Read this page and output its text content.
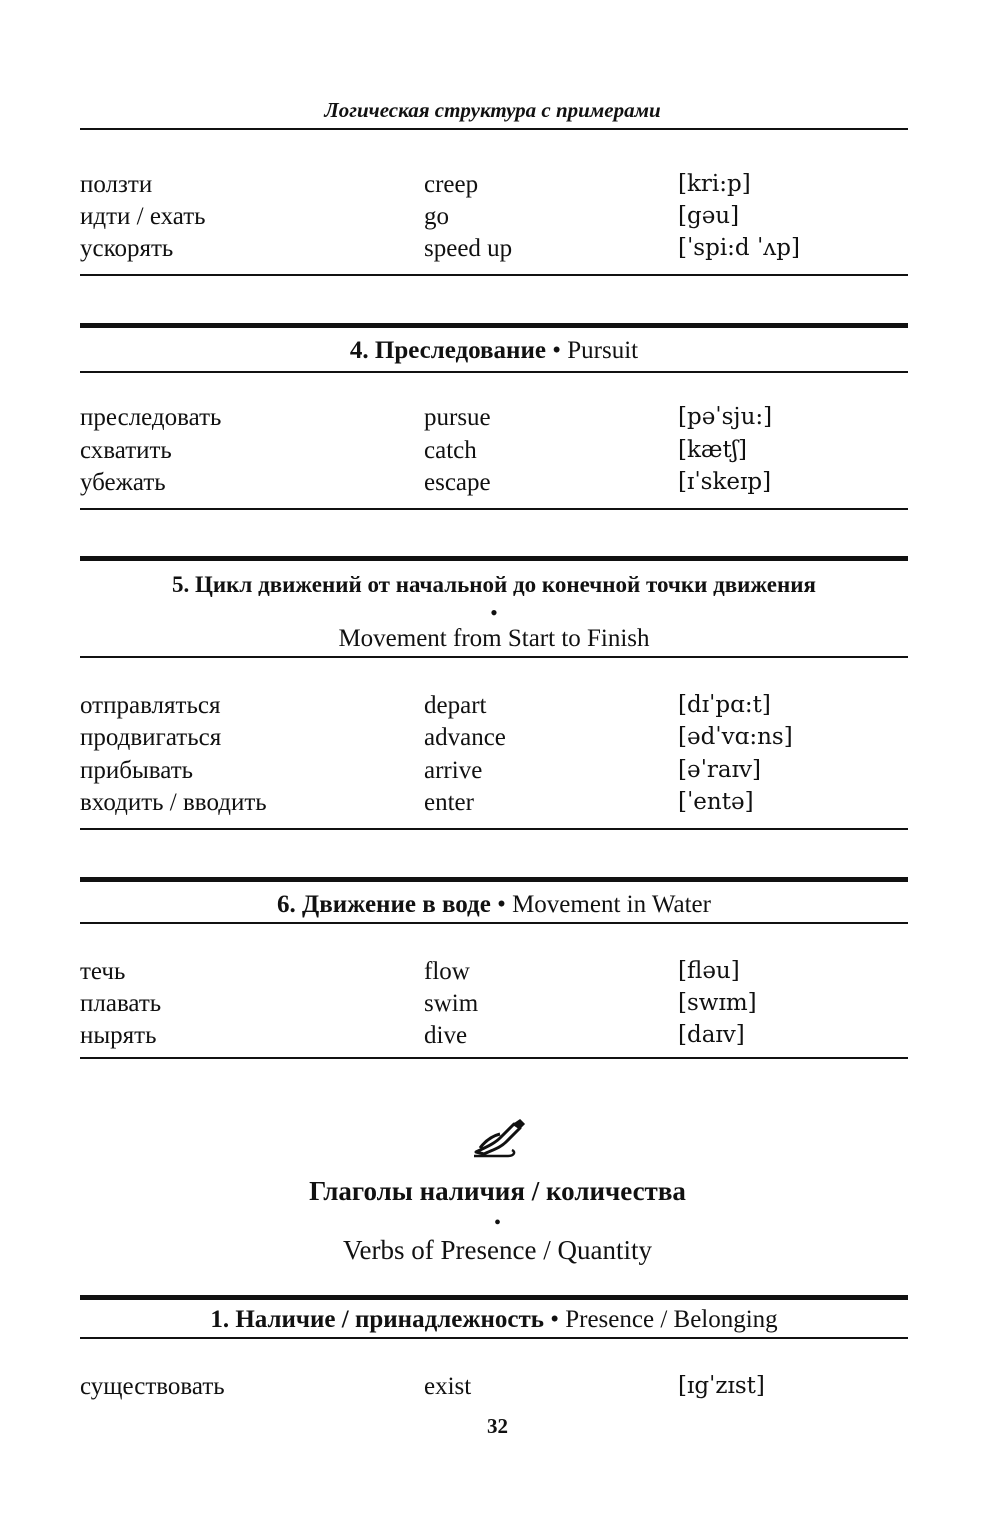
Логическая структура с примерами
ползти	creep	[kri:p]
идти / ехать	go	[gəu]
ускорять	speed up	[ˈspi:d ˈʌp]
4. Преследование • Pursuit
преследовать	pursue	[pəˈsju:]
схватить	catch	[kætʃ]
убежать	escape	[ɪˈskeɪp]
5. Цикл движений от начальной до конечной точки движения
•
Movement from Start to Finish
отправляться	depart	[dɪˈpɑ:t]
продвигаться	advance	[ədˈvɑ:ns]
прибывать	arrive	[əˈraɪv]
входить / вводить	enter	[ˈentə]
6. Движение в воде • Movement in Water
течь	flow	[fləu]
плавать	swim	[swɪm]
нырять	dive	[daɪv]
Глаголы наличия / количества
•
Verbs of Presence / Quantity
1. Наличие / принадлежность • Presence / Belonging
существовать	exist	[ɪgˈzɪst]
32
